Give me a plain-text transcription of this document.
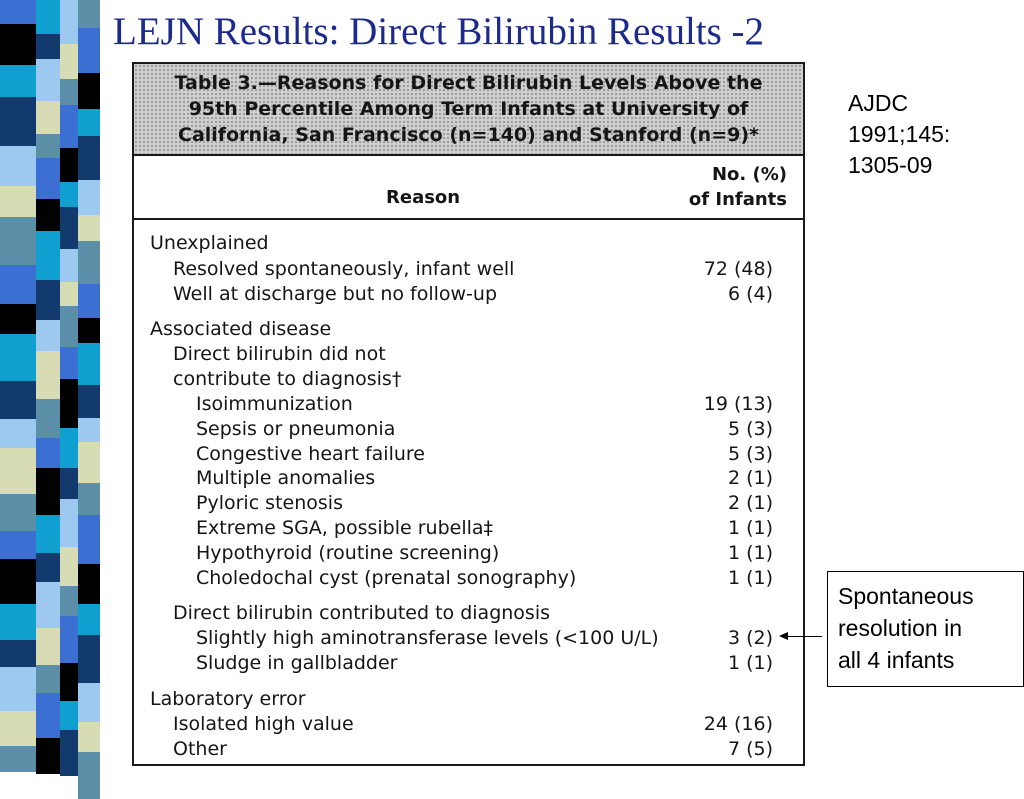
LEJN Results: Direct Bilirubin Results -2
Table 3.—Reasons for Direct Bilirubin Levels Above the 95th Percentile Among Term Infants at University of California, San Francisco (n=140) and Stanford (n=9)*
Reason
No. (%)
of Infants
Unexplained
Resolved spontaneously, infant well	72 (48)
Well at discharge but no follow-up	6 (4)
Associated disease
Direct bilirubin did not
contribute to diagnosis†
Isoimmunization	19 (13)
Sepsis or pneumonia	5 (3)
Congestive heart failure	5 (3)
Multiple anomalies	2 (1)
Pyloric stenosis	2 (1)
Extreme SGA, possible rubella‡	1 (1)
Hypothyroid (routine screening)	1 (1)
Choledochal cyst (prenatal sonography)	1 (1)
Direct bilirubin contributed to diagnosis
Slightly high aminotransferase levels (<100 U/L)	3 (2)
Sludge in gallbladder	1 (1)
Laboratory error
Isolated high value	24 (16)
Other	7 (5)
AJDC
1991;145:
1305-09
Spontaneous
resolution in
all 4 infants
